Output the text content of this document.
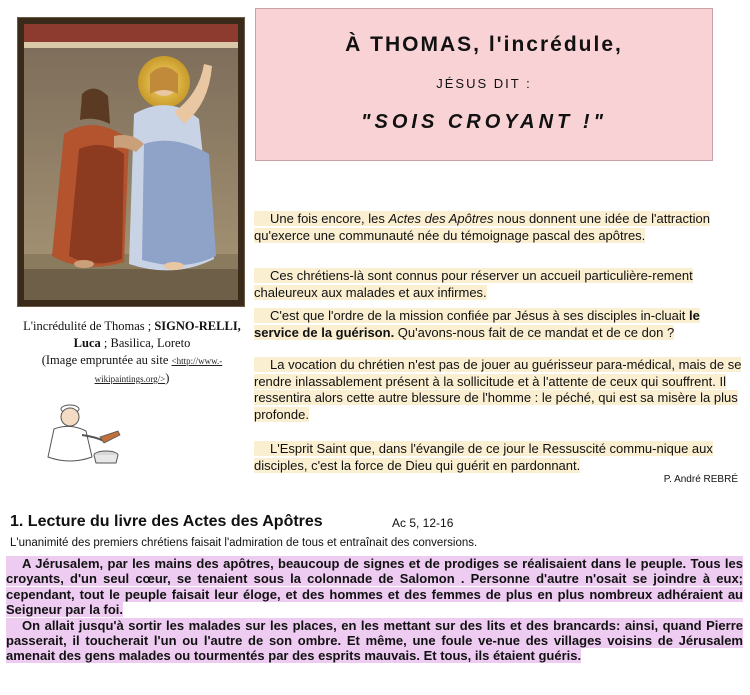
L'incrédulité de Thomas ; SIGNO-RELLI, Luca ; Basilica, Loreto
(Image empruntée au site <http://www.-wikipaintings.org/>)
À THOMAS, l'incrédule,
JÉSUS DIT :
"SOIS CROYANT !"
Une fois encore, les Actes des Apôtres nous donnent une idée de l'attraction qu'exerce une communauté née du témoignage pascal des apôtres.
Ces chrétiens-là sont connus pour réserver un accueil particulière-rement chaleureux aux malades et aux infirmes.
C'est que l'ordre de la mission confiée par Jésus à ses disciples in-cluait le service de la guérison. Qu'avons-nous fait de ce mandat et de ce don ?
La vocation du chrétien n'est pas de jouer au guérisseur para-médical, mais de se rendre inlassablement présent à la sollicitude et à l'attente de ceux qui souffrent. Il ressentira alors cette autre blessure de l'homme : le péché, qui est sa misère la plus profonde.
L'Esprit Saint que, dans l'évangile de ce jour le Ressuscité commu-nique aux disciples, c'est la force de Dieu qui guérit en pardonnant.
P. André REBRÉ
1. Lecture du livre des Actes des Apôtres	Ac 5, 12-16
L'unanimité des premiers chrétiens faisait l'admiration de tous et entraînait des conversions.
A Jérusalem, par les mains des apôtres, beaucoup de signes et de prodiges se réalisaient dans le peuple. Tous les croyants, d'un seul cœur, se tenaient sous la colonnade de Salomon . Personne d'autre n'osait se joindre à eux; cependant, tout le peuple faisait leur éloge, et des hommes et des femmes de plus en plus nombreux adhéraient au Seigneur par la foi.
On allait jusqu'à sortir les malades sur les places, en les mettant sur des lits et des brancards: ainsi, quand Pierre passerait, il toucherait l'un ou l'autre de son ombre. Et même, une foule ve-nue des villages voisins de Jérusalem amenait des gens malades ou tourmentés par des esprits mauvais. Et tous, ils étaient guéris.
